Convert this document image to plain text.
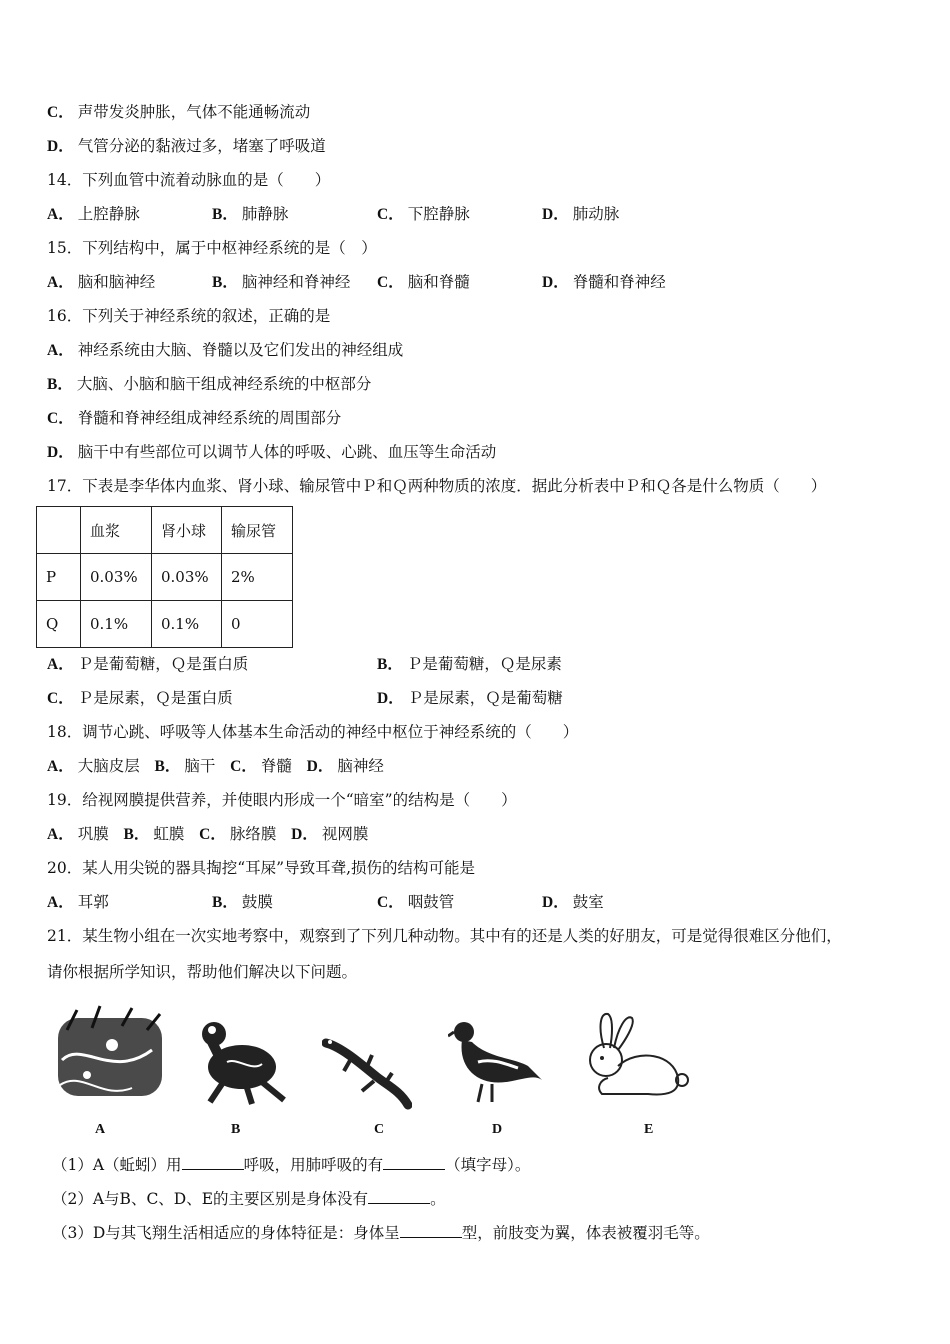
C． 声带发炎肿胀，气体不能通畅流动
D． 气管分泌的黏液过多，堵塞了呼吸道
14．下列血管中流着动脉血的是（　　）
A． 上腔静脉	B． 肺静脉	C． 下腔静脉	D． 肺动脉
15．下列结构中，属于中枢神经系统的是（　）
A． 脑和脑神经	B． 脑神经和脊神经 C． 脑和脊髓	D． 脊髓和脊神经
16．下列关于神经系统的叙述，正确的是
A． 神经系统由大脑、脊髓以及它们发出的神经组成
B． 大脑、小脑和脑干组成神经系统的中枢部分
C． 脊髓和脊神经组成神经系统的周围部分
D． 脑干中有些部位可以调节人体的呼吸、心跳、血压等生命活动
17．下表是李华体内血浆、肾小球、输尿管中Ｐ和Ｑ两种物质的浓度．据此分析表中Ｐ和Ｑ各是什么物质（　　）
	血浆	肾小球	输尿管
P	0.03%	0.03%	2%
Q	0.1%	0.1%	0
A． Ｐ是葡萄糖，Ｑ是蛋白质	B． Ｐ是葡萄糖，Ｑ是尿素
C． Ｐ是尿素，Ｑ是蛋白质	D． Ｐ是尿素，Ｑ是葡萄糖
18．调节心跳、呼吸等人体基本生命活动的神经中枢位于神经系统的（　　）
A． 大脑皮层 B． 脑干 C． 脊髓 D． 脑神经
19．给视网膜提供营养，并使眼内形成一个“暗室”的结构是（　　）
A． 巩膜 B． 虹膜 C． 脉络膜 D． 视网膜
20．某人用尖锐的器具掏挖“耳屎”导致耳聋,损伤的结构可能是
A． 耳郭	B． 鼓膜	C． 咽鼓管	D． 鼓室
21．某生物小组在一次实地考察中，观察到了下列几种动物。其中有的还是人类的好朋友，可是觉得很难区分他们，
请你根据所学知识，帮助他们解决以下问题。
A	B	C	D	E
（1）A（蚯蚓）用	呼吸，用肺呼吸的有	（填字母）。
（2）A与B、C、D、E的主要区别是身体没有	。
（3）D与其飞翔生活相适应的身体特征是：身体呈	型，前肢变为翼，体表被覆羽毛等。
